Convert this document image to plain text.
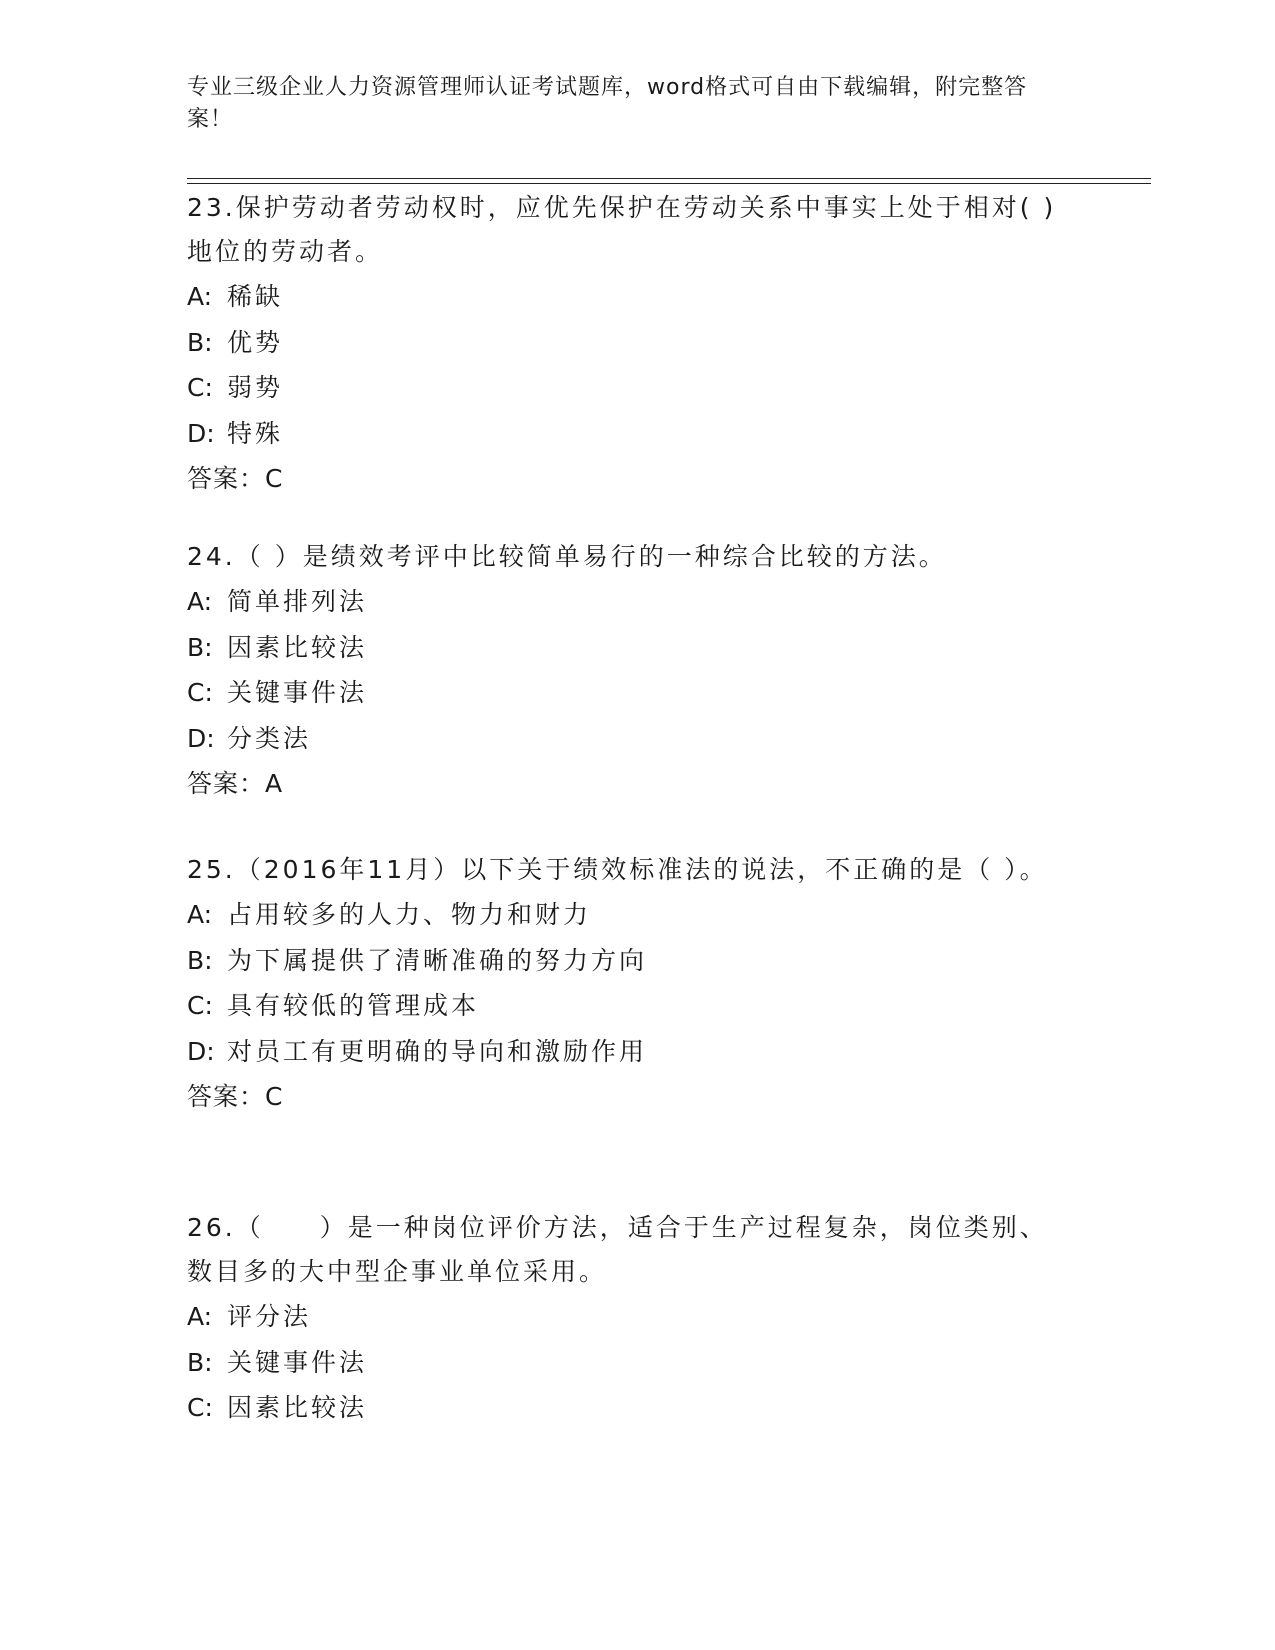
专业三级企业人力资源管理师认证考试题库，word格式可自由下载编辑，附完整答案！
23.保护劳动者劳动权时，应优先保护在劳动关系中事实上处于相对( )地位的劳动者。
A: 稀缺
B: 优势
C: 弱势
D: 特殊
答案：C
24.（ ）是绩效考评中比较简单易行的一种综合比较的方法。
A: 简单排列法
B: 因素比较法
C: 关键事件法
D: 分类法
答案：A
25.（2016年11月）以下关于绩效标准法的说法，不正确的是（ ）。
A: 占用较多的人力、物力和财力
B: 为下属提供了清晰准确的努力方向
C: 具有较低的管理成本
D: 对员工有更明确的导向和激励作用
答案：C
26.（　　）是一种岗位评价方法，适合于生产过程复杂，岗位类别、数目多的大中型企事业单位采用。
A: 评分法
B: 关键事件法
C: 因素比较法
